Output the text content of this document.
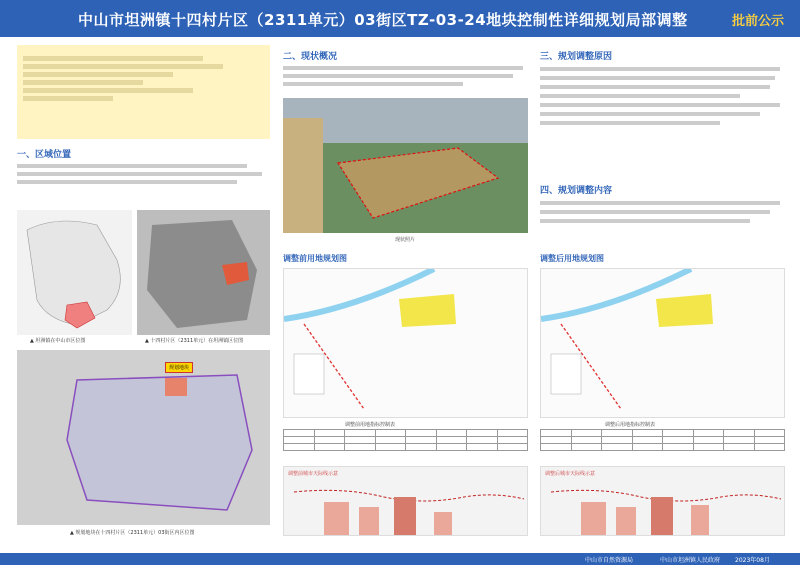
中山市坦洲镇十四村片区（2311单元）03街区TZ-03-24地块控制性详细规划局部调整	批前公示
一、区域位置
▲ 坦洲镇在中山市区位图	▲ 十四村片区（2311单元）在坦洲镇区位图
规划地块
▲ 规划地块在十四村片区（2311单元）03街区内区位图
二、现状概况
现状照片
调整前用地规划图
调整前用地指标控制表

调整前城市天际线示意
三、规划调整原因
四、规划调整内容
调整后用地规划图
调整后用地指标控制表

调整后城市天际线示意
中山市自然资源局	中山市坦洲镇人民政府 2023年08月
